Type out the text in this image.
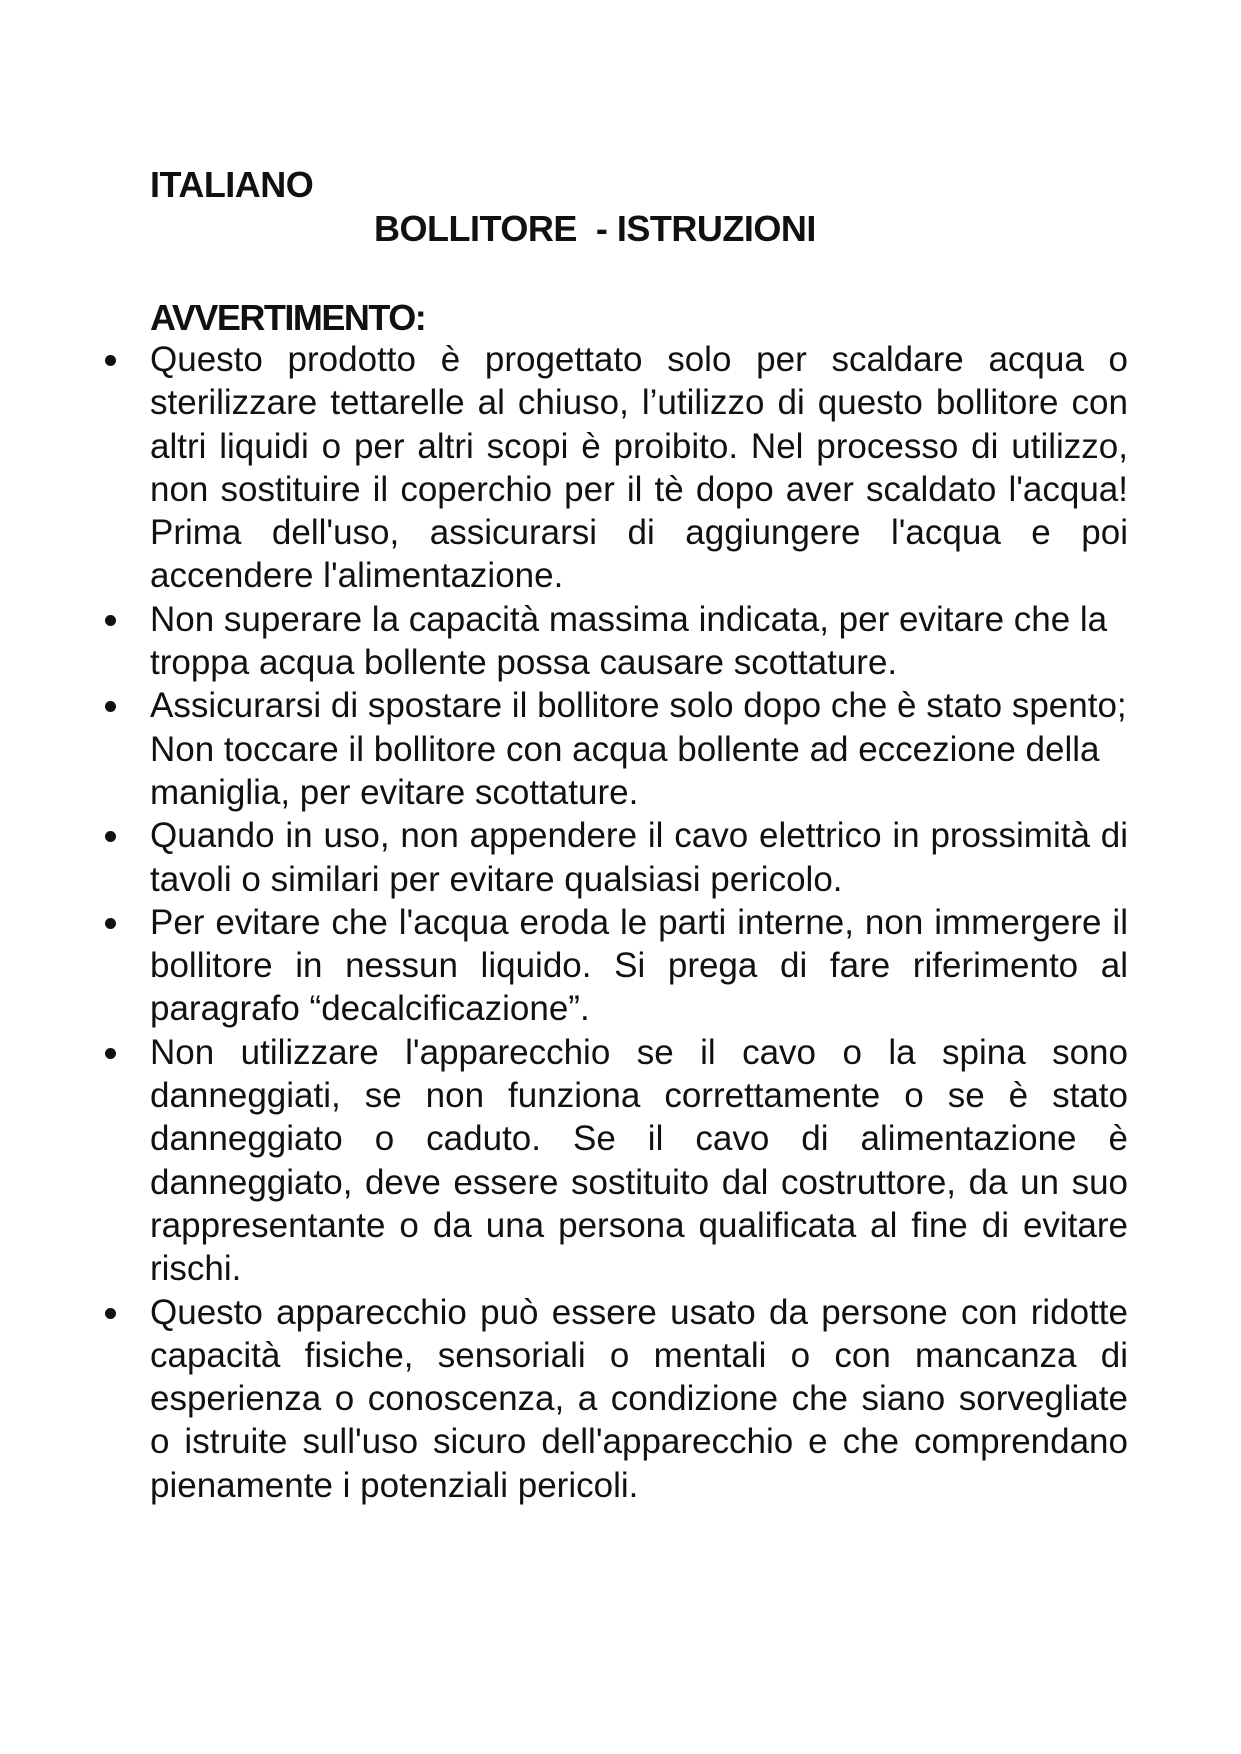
ITALIANO
BOLLITORE  - ISTRUZIONI
AVVERTIMENTO:
Questo prodotto è progettato solo per scaldare acqua o sterilizzare tettarelle al chiuso, l’utilizzo di questo bollitore con altri liquidi o per altri scopi è proibito. Nel processo di utilizzo, non sostituire il coperchio per il tè dopo aver scaldato l'acqua! Prima dell'uso, assicurarsi di aggiungere l'acqua e poi accendere l'alimentazione.
Non superare la capacità massima indicata, per evitare che la troppa acqua bollente possa causare scottature.
Assicurarsi di spostare il bollitore solo dopo che è stato spento; Non toccare il bollitore con acqua bollente ad eccezione della maniglia, per evitare scottature.
Quando in uso, non appendere il cavo elettrico in prossimità di tavoli o similari per evitare qualsiasi pericolo.
Per evitare che l'acqua eroda le parti interne, non immergere il bollitore in nessun liquido. Si prega di fare riferimento al paragrafo “decalcificazione”.
Non utilizzare l'apparecchio se il cavo o la spina sono danneggiati, se non funziona correttamente o se è stato danneggiato o caduto. Se il cavo di alimentazione è danneggiato, deve essere sostituito dal costruttore, da un suo rappresentante o da una persona qualificata al fine di evitare rischi.
Questo apparecchio può essere usato da persone con ridotte capacità fisiche, sensoriali o mentali o con mancanza di esperienza o conoscenza, a condizione che siano sorvegliate o istruite sull'uso sicuro dell'apparecchio e che comprendano pienamente i potenziali pericoli.
